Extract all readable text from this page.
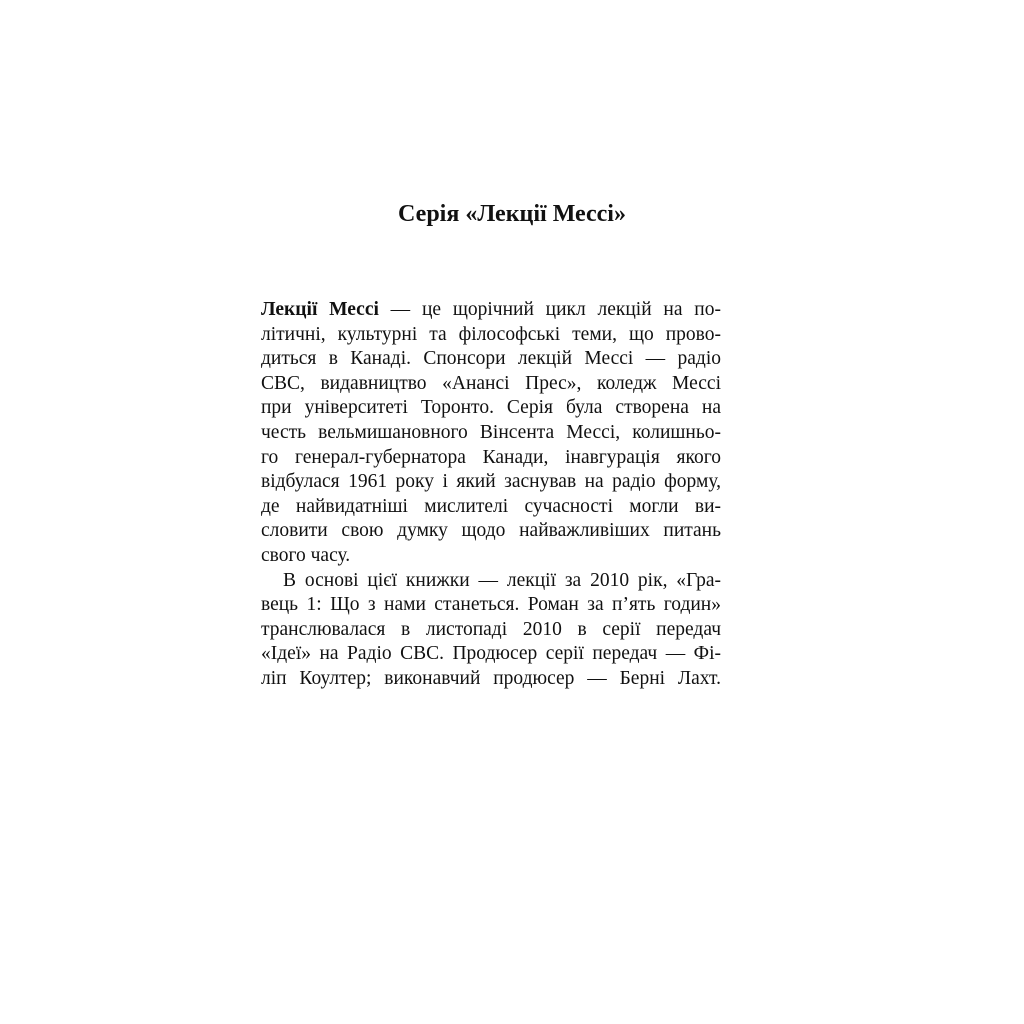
Серія «Лекції Мессі»

Лекції Мессі — це щорічний цикл лекцій на по-
літичні, культурні та філософські теми, що прово-
диться в Канаді. Спонсори лекцій Мессі — радіо
CBC, видавництво «Анансі Прес», коледж Мессі
при університеті Торонто. Серія була створена на
честь вельмишановного Вінсента Мессі, колишньо-
го генерал-губернатора Канади, інавгурація якого
відбулася 1961 року і який заснував на радіо форму,
де найвидатніші мислителі сучасності могли ви-
словити свою думку щодо найважливіших питань
свого часу.

В основі цієї книжки — лекції за 2010 рік, «Гра-
вець 1: Що з нами станеться. Роман за п’ять годин»
транслювалася в листопаді 2010 в серії передач
«Ідеї» на Радіо CBC. Продюсер серії передач — Фі-
ліп Коултер; виконавчий продюсер — Берні Лахт.
